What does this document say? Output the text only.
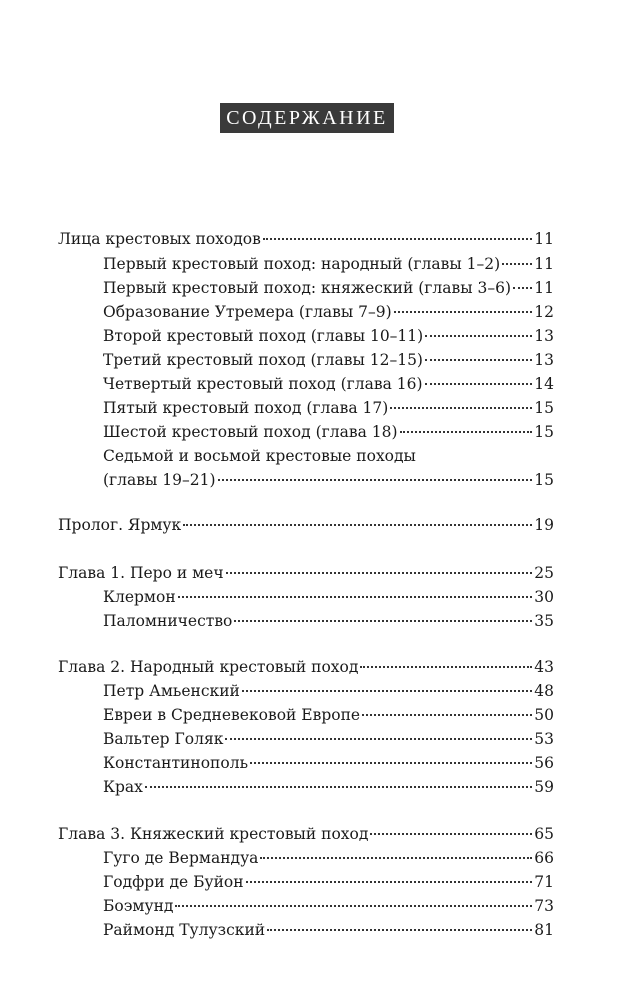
СОДЕРЖАНИЕ
Лица крестовых походов	11
Первый крестовый поход: народный (главы 1–2) 11
Первый крестовый поход: княжеский (главы 3–6) 11
Образование Утремера (главы 7–9)	12
Второй крестовый поход (главы 10–11)	13
Третий крестовый поход (главы 12–15)	13
Четвертый крестовый поход (глава 16)	14
Пятый крестовый поход (глава 17)	15
Шестой крестовый поход (глава 18)	15
Седьмой и восьмой крестовые походы
(главы 19–21)	15
Пролог. Ярмук	19
Глава 1. Перо и меч	25
Клермон	30
Паломничество	35
Глава 2. Народный крестовый поход	43
Петр Амьенский	48
Евреи в Средневековой Европе	50
Вальтер Голяк	53
Константинополь	56
Крах	59
Глава 3. Княжеский крестовый поход	65
Гуго де Вермандуа	66
Годфри де Буйон	71
Боэмунд	73
Раймонд Тулузский	81
